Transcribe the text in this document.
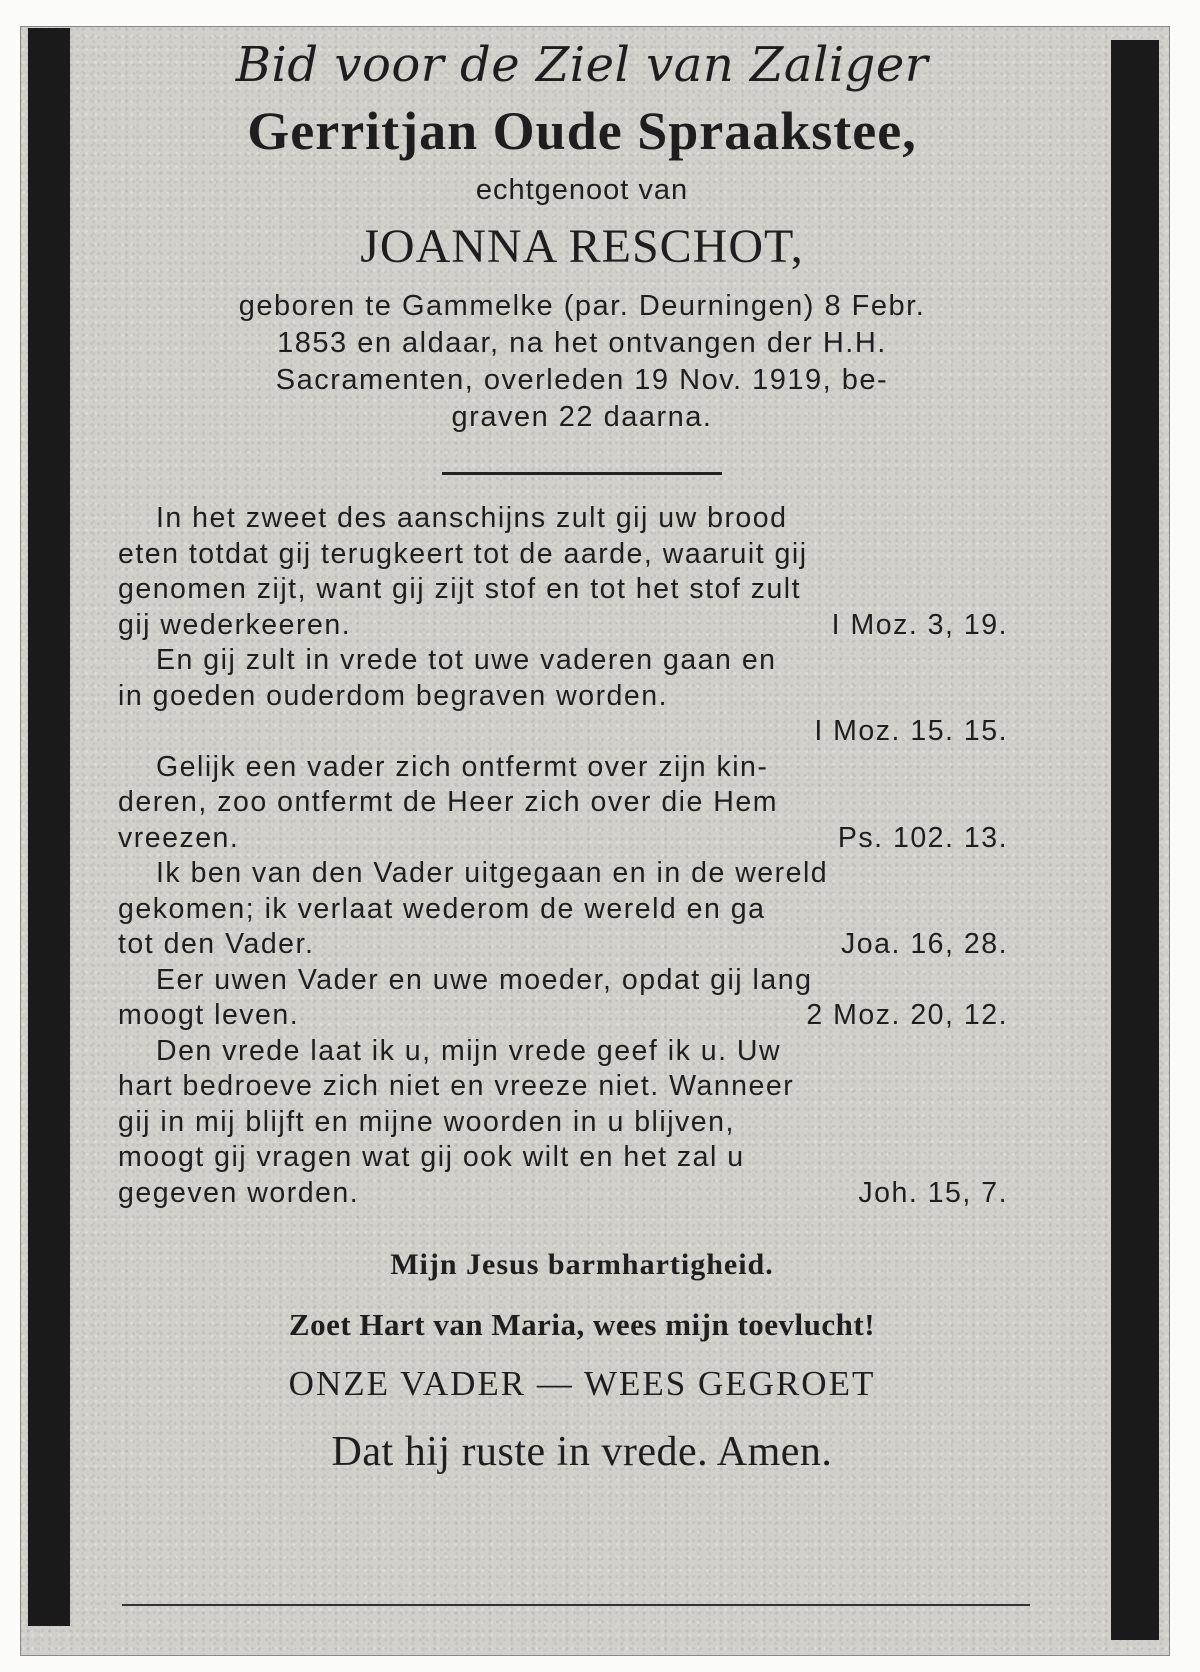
Bid voor de Ziel van Zaliger
Gerritjan Oude Spraakstee,
echtgenoot van
JOANNA RESCHOT,
geboren te Gammelke (par. Deurningen) 8 Febr.
1853 en aldaar, na het ontvangen der H.H.
Sacramenten, overleden 19 Nov. 1919, be-
graven 22 daarna.
In het zweet des aanschijns zult gij uw brood
eten totdat gij terugkeert tot de aarde, waaruit gij
genomen zijt, want gij zijt stof en tot het stof zult
gij wederkeeren.	I Moz. 3, 19.
En gij zult in vrede tot uwe vaderen gaan en
in goeden ouderdom begraven worden.
I Moz. 15. 15.
Gelijk een vader zich ontfermt over zijn kin-
deren, zoo ontfermt de Heer zich over die Hem
vreezen.	Ps. 102. 13.
Ik ben van den Vader uitgegaan en in de wereld
gekomen; ik verlaat wederom de wereld en ga
tot den Vader.	Joa. 16, 28.
Eer uwen Vader en uwe moeder, opdat gij lang
moogt leven.	2 Moz. 20, 12.
Den vrede laat ik u, mijn vrede geef ik u. Uw
hart bedroeve zich niet en vreeze niet. Wanneer
gij in mij blijft en mijne woorden in u blijven,
moogt gij vragen wat gij ook wilt en het zal u
gegeven worden.	Joh. 15, 7.
Mijn Jesus barmhartigheid.
Zoet Hart van Maria, wees mijn toevlucht!
ONZE VADER — WEES GEGROET
Dat hij ruste in vrede. Amen.
